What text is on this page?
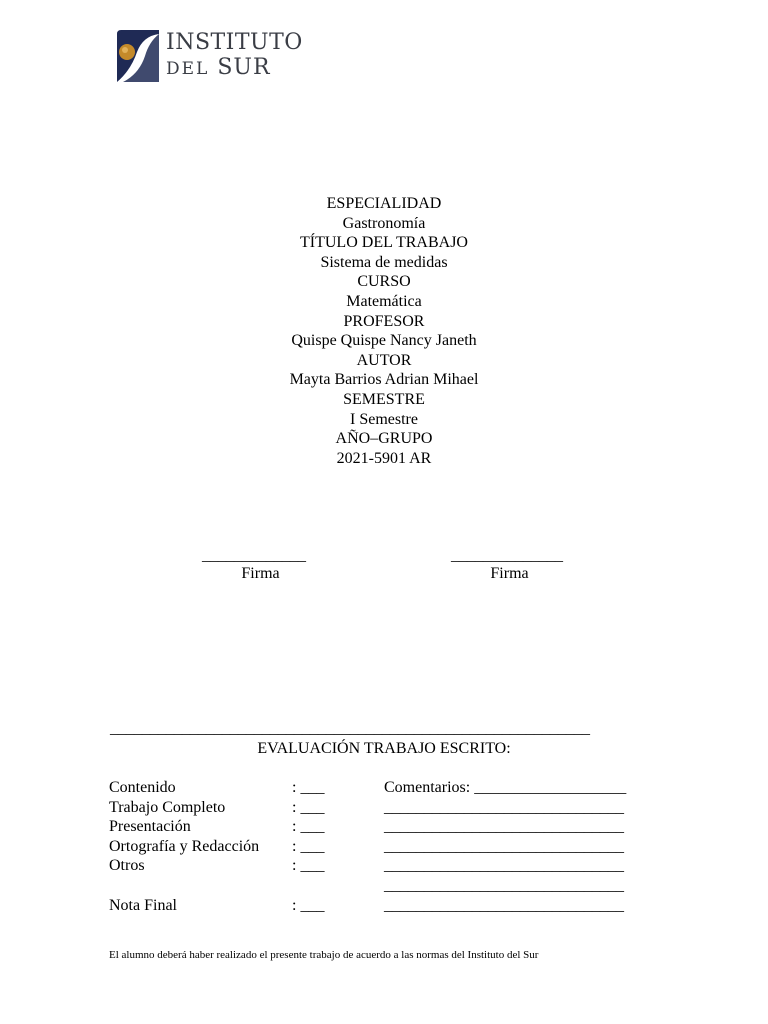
INSTITUTO
DEL SUR
ESPECIALIDAD
Gastronomía
TÍTULO DEL TRABAJO
Sistema de medidas
CURSO
Matemática
PROFESOR
Quispe Quispe Nancy Janeth
AUTOR
Mayta Barrios Adrian Mihael
SEMESTRE
I Semestre
AÑO–GRUPO
2021-5901 AR
_____________	______________
Firma	Firma
____________________________________________________________
EVALUACIÓN TRABAJO ESCRITO:
Contenido	: ___	Comentarios: ___________________
Trabajo Completo	: ___	______________________________
Presentación	: ___	______________________________
Ortografía y Redacción : ___	______________________________
Otros	: ___	______________________________
______________________________
Nota Final	: ___	______________________________
El alumno deberá haber realizado el presente trabajo de acuerdo a las normas del Instituto del Sur
